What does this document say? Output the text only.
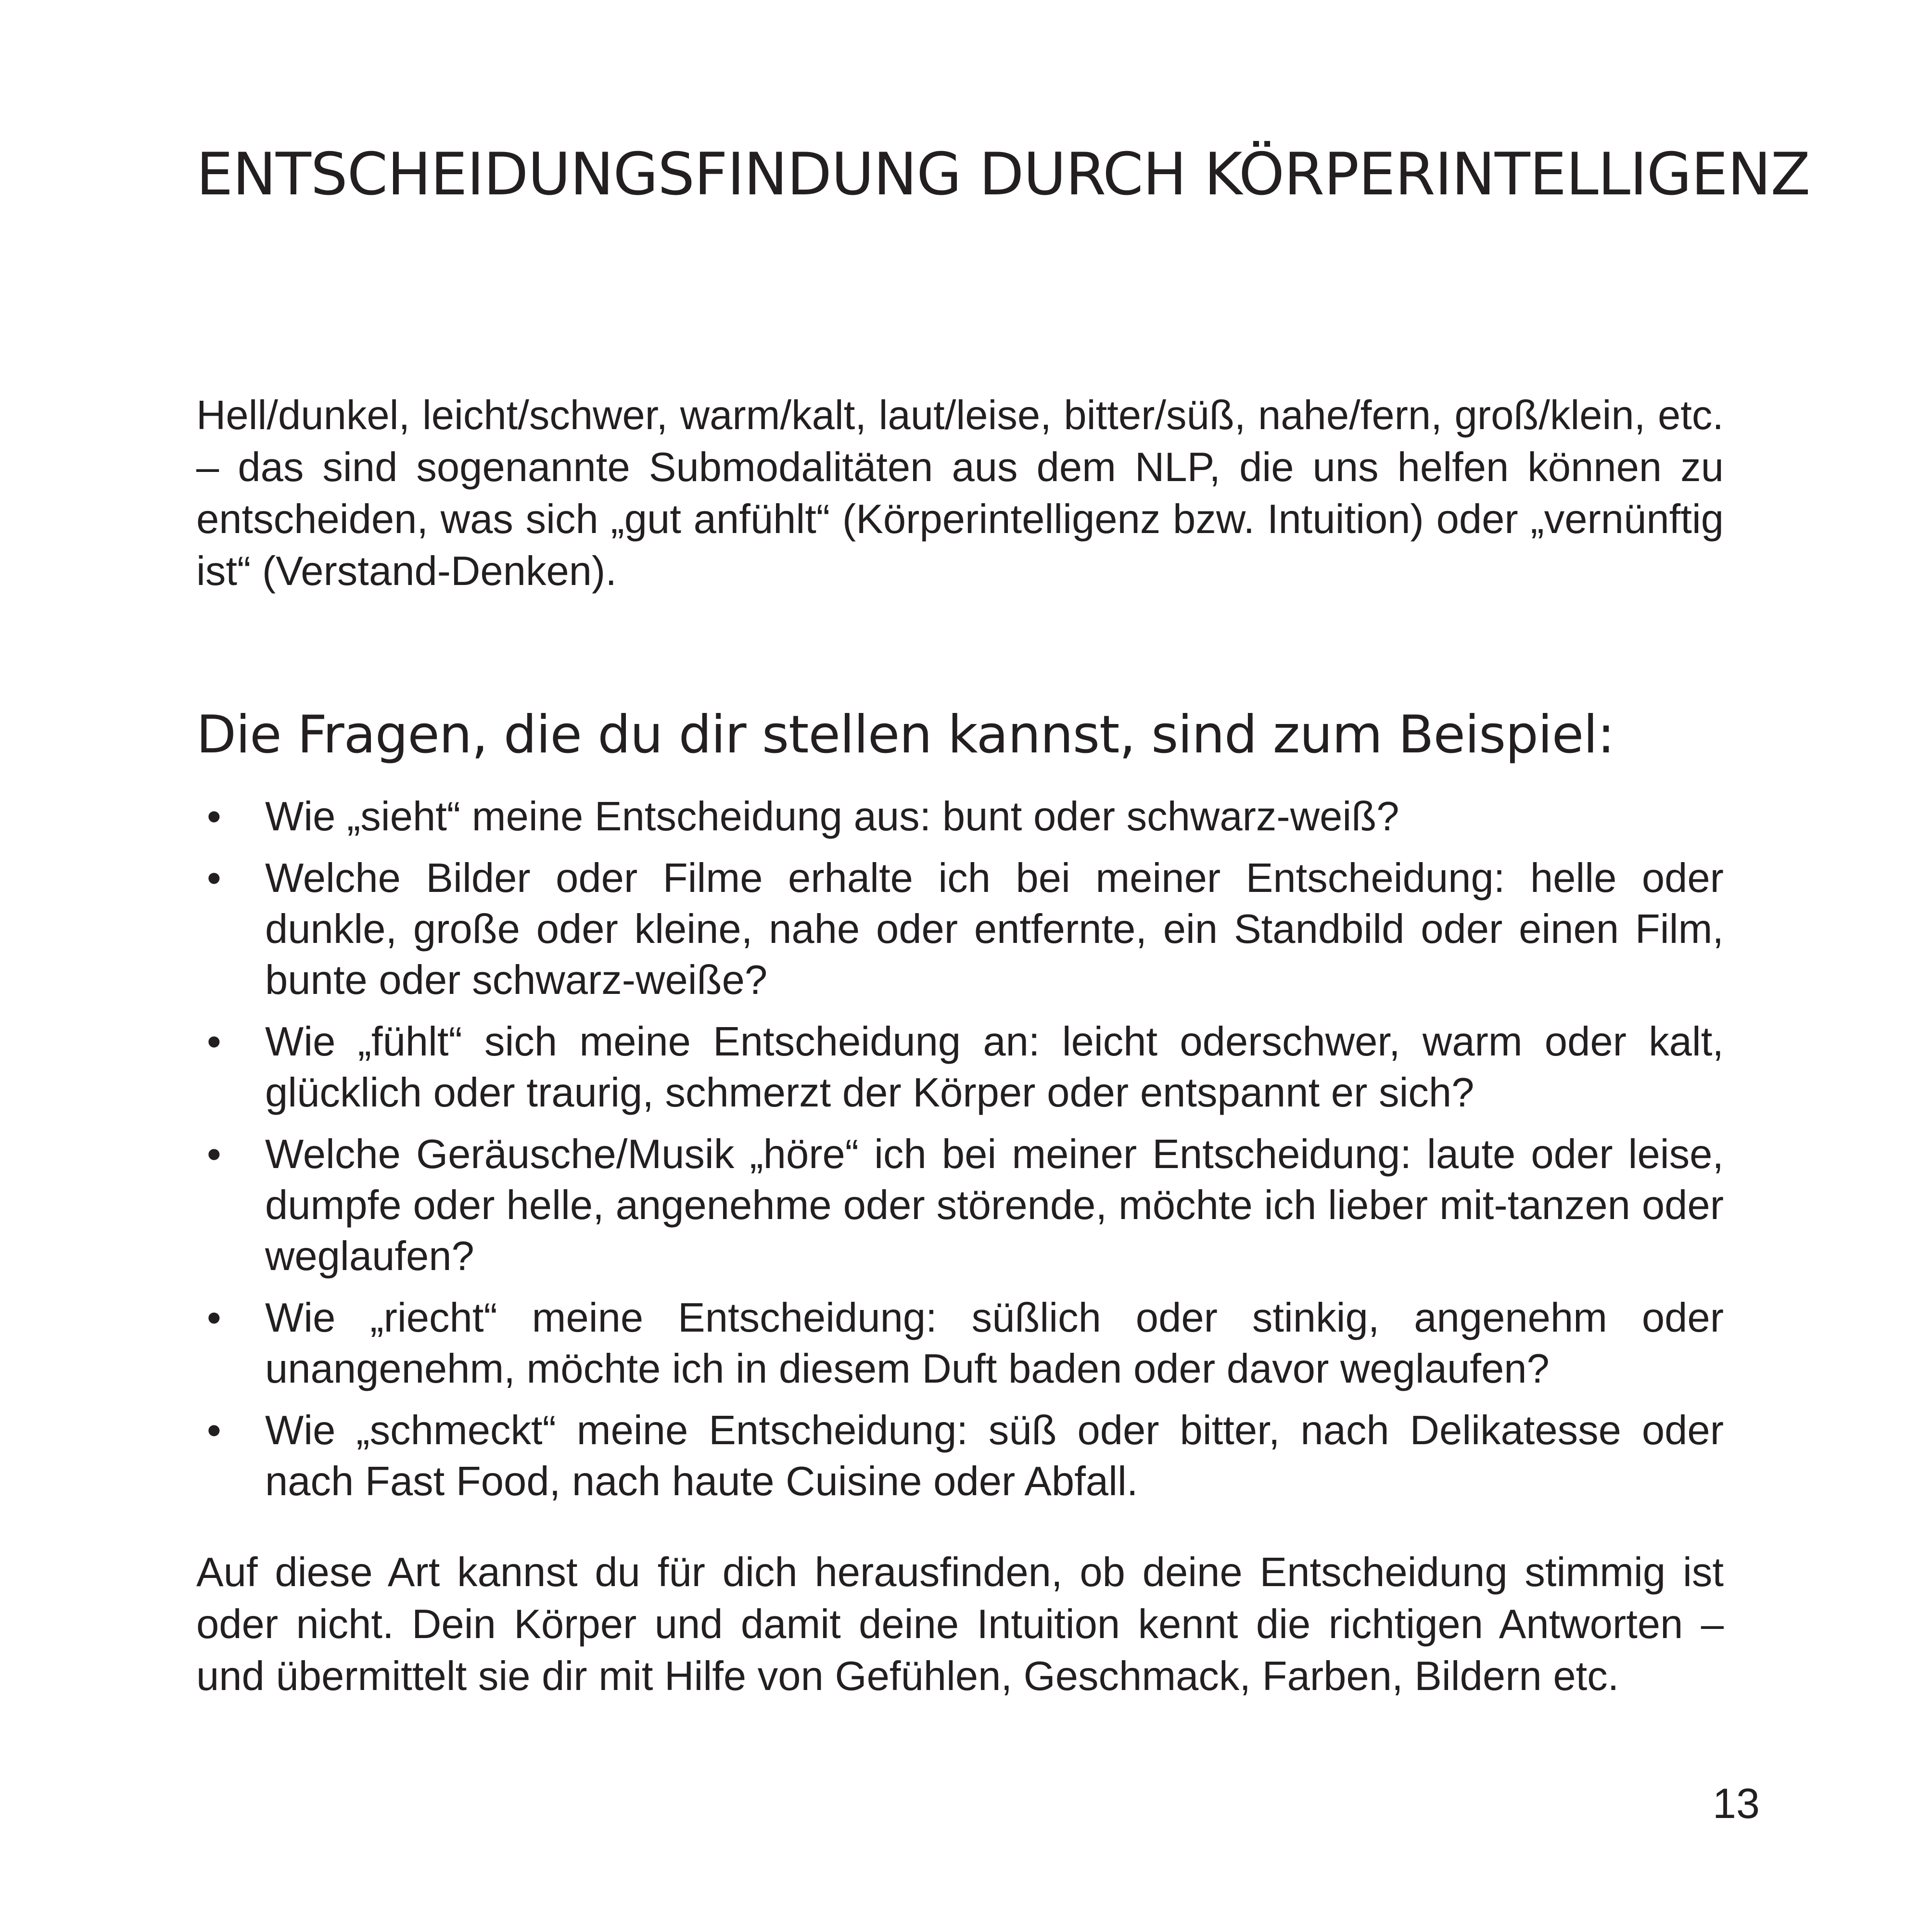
ENTSCHEIDUNGSFINDUNG DURCH KÖRPERINTELLIGENZ

Hell/dunkel, leicht/schwer, warm/kalt, laut/leise, bitter/süß, nahe/fern, groß/klein, etc. – das sind sogenannte Submodalitäten aus dem NLP, die uns helfen können zu entscheiden, was sich „gut anfühlt“ (Körperintelligenz bzw. Intuition) oder „vernünftig ist“ (Verstand-Denken).

Die Fragen, die du dir stellen kannst, sind zum Beispiel:
• Wie „sieht“ meine Entscheidung aus: bunt oder schwarz-weiß?
• Welche Bilder oder Filme erhalte ich bei meiner Entscheidung: helle oder dunkle, große oder kleine, nahe oder entfernte, ein Standbild oder einen Film, bunte oder schwarz-weiße?
• Wie „fühlt“ sich meine Entscheidung an: leicht oderschwer, warm oder kalt, glücklich oder traurig, schmerzt der Körper oder entspannt er sich?
• Welche Geräusche/Musik „höre“ ich bei meiner Entscheidung: laute oder leise, dumpfe oder helle, angenehme oder störende, möchte ich lieber mit-tanzen oder weglaufen?
• Wie „riecht“ meine Entscheidung: süßlich oder stinkig, angenehm oder unangenehm, möchte ich in diesem Duft baden oder davor weglaufen?
• Wie „schmeckt“ meine Entscheidung: süß oder bitter, nach Delikatesse oder nach Fast Food, nach haute Cuisine oder Abfall.

Auf diese Art kannst du für dich herausfinden, ob deine Entscheidung stimmig ist oder nicht. Dein Körper und damit deine Intuition kennt die richtigen Antworten – und übermittelt sie dir mit Hilfe von Gefühlen, Geschmack, Farben, Bildern etc.

13
